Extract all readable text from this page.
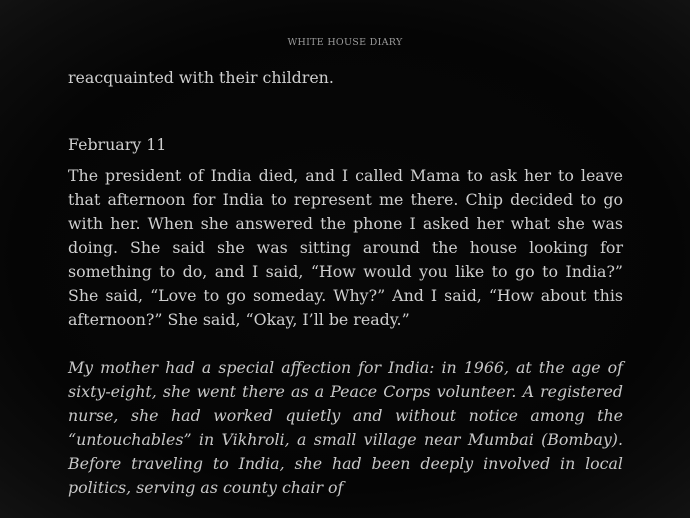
WHITE HOUSE DIARY

reacquainted with their children.

February 11

The president of India died, and I called Mama to ask her to leave that afternoon for India to represent me there. Chip decided to go with her. When she answered the phone I asked her what she was doing. She said she was sitting around the house looking for something to do, and I said, “How would you like to go to India?” She said, “Love to go someday. Why?” And I said, “How about this afternoon?” She said, “Okay, I’ll be ready.”

My mother had a special affection for India: in 1966, at the age of sixty-eight, she went there as a Peace Corps volunteer. A registered nurse, she had worked quietly and without notice among the “untouchables” in Vikhroli, a small village near Mumbai (Bombay). Before traveling to India, she had been deeply involved in local politics, serving as county chair of
